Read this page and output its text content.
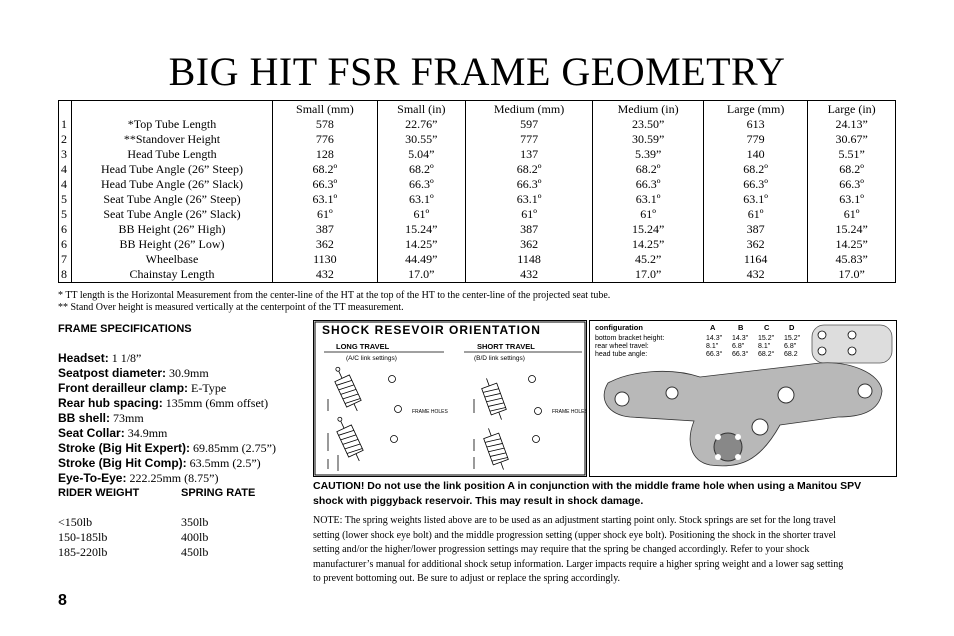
BIG HIT FSR FRAME GEOMETRY
		Small (mm)	Small (in)	Medium (mm)	Medium (in)	Large (mm)	Large (in)
1	*Top Tube Length	578	22.76”	597	23.50”	613	24.13”
2	**Standover Height	776	30.55”	777	30.59”	779	30.67”
3	Head Tube Length	128	5.04”	137	5.39”	140	5.51”
4	Head Tube Angle (26” Steep)	68.2º	68.2º	68.2º	68.2º	68.2º	68.2º
4	Head Tube Angle (26” Slack)	66.3º	66.3º	66.3º	66.3º	66.3º	66.3º
5	Seat Tube Angle (26” Steep)	63.1º	63.1º	63.1º	63.1º	63.1º	63.1º
5	Seat Tube Angle (26” Slack)	61º	61º	61º	61º	61º	61º
6	BB Height (26” High)	387	15.24”	387	15.24”	387	15.24”
6	BB Height (26” Low)	362	14.25”	362	14.25”	362	14.25”
7	Wheelbase	1130	44.49”	1148	45.2”	1164	45.83”
8	Chainstay Length	432	17.0”	432	17.0”	432	17.0”
* TT length is the Horizontal Measurement from the center-line of the HT at the top of the HT to the center-line of the projected seat tube.
** Stand Over height is measured vertically at the centerpoint of the TT measurement.
FRAME SPECIFICATIONS
Headset: 1 1/8”
Seatpost diameter: 30.9mm
Front derailleur clamp: E-Type
Rear hub spacing: 135mm (6mm offset)
BB shell: 73mm
Seat Collar: 34.9mm
Stroke (Big Hit Expert): 69.85mm (2.75”)
Stroke (Big Hit Comp): 63.5mm (2.5”)
Eye-To-Eye: 222.25mm (8.75”)
RIDER WEIGHT	SPRING RATE
<150lb	350lb
150-185lb	400lb
185-220lb	450lb
SHOCK RESEVOIR ORIENTATION
LONG TRAVEL
(A/C link settings)
SHORT TRAVEL
(B/D link settings)
FRAME HOLES	FRAME HOLES
configuration	A	B	C	D
bottom bracket height:	14.3" 14.3" 15.2" 15.2"
rear wheel travel:	8.1" 6.8" 8.1" 6.8"
head tube angle:	66.3° 66.3° 68.2° 68.2
CAUTION! Do not use the link position A in conjunction with the middle frame hole when using a Manitou SPV shock with piggyback reservoir. This may result in shock damage.
NOTE: The spring weights listed above are to be used as an adjustment starting point only. Stock springs are set for the long travel setting (lower shock eye bolt) and the middle progression setting (upper shock eye bolt). Positioning the shock in the shorter travel setting and/or the higher/lower progression settings may require that the spring be changed accordingly. Refer to your shock manufacturer’s manual for additional shock setup information. Larger impacts require a higher spring weight and a lower sag setting to prevent bottoming out. Be sure to adjust or replace the spring accordingly.
8
